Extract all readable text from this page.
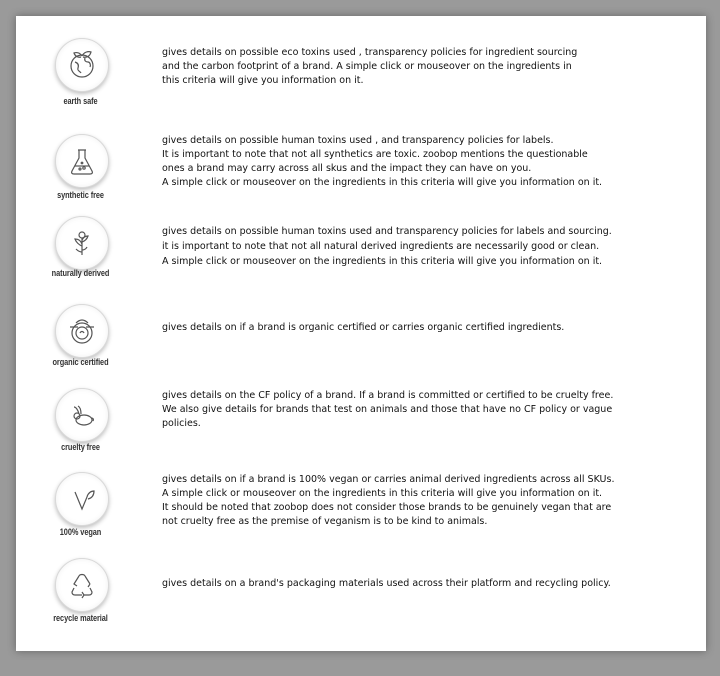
earth safe
gives details on possible eco toxins used , transparency policies for ingredient sourcing
and the carbon footprint of a brand. A simple click or mouseover on the ingredients in
this criteria will give you information on it.
synthetic free
gives details on possible human toxins used , and transparency policies for labels.
It is important to note that not all synthetics are toxic. zoobop mentions the questionable
ones a brand may carry across all skus and the impact they can have on you.
A simple click or mouseover on the ingredients in this criteria will give you information on it.
naturally derived
gives details on possible human toxins used and transparency policies for labels and sourcing.
it is important to note that not all natural derived ingredients are necessarily good or clean.
A simple click or mouseover on the ingredients in this criteria will give you information on it.
organic certified
gives details on if a brand is organic certified or carries organic certified ingredients.
cruelty free
gives details on the CF policy of a brand. If a brand is committed or certified to be cruelty free.
We also give details for brands that test on animals and those that have no CF policy or vague
policies.
100% vegan
gives details on if a brand is 100% vegan or carries animal derived ingredients across all SKUs.
A simple click or mouseover on the ingredients in this criteria will give you information on it.
It should be noted that zoobop does not consider those brands to be genuinely vegan that are
not cruelty free as the premise of veganism is to be kind to animals.
recycle material
gives details on a brand's packaging materials used across their platform and recycling policy.
